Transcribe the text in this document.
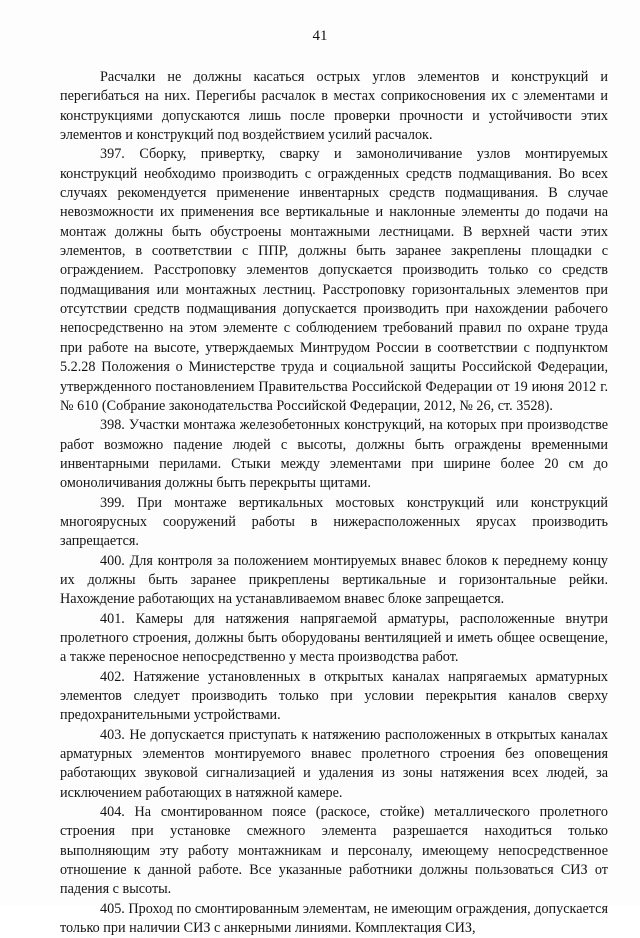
41

Расчалки не должны касаться острых углов элементов и конструкций и перегибаться на них. Перегибы расчалок в местах соприкосновения их с элементами и конструкциями допускаются лишь после проверки прочности и устойчивости этих элементов и конструкций под воздействием усилий расчалок.

397. Сборку, привертку, сварку и замоноличивание узлов монтируемых конструкций необходимо производить с огражденных средств подмащивания. Во всех случаях рекомендуется применение инвентарных средств подмащивания. В случае невозможности их применения все вертикальные и наклонные элементы до подачи на монтаж должны быть обустроены монтажными лестницами. В верхней части этих элементов, в соответствии с ППР, должны быть заранее закреплены площадки с ограждением. Расстроповку элементов допускается производить только со средств подмащивания или монтажных лестниц. Расстроповку горизонтальных элементов при отсутствии средств подмащивания допускается производить при нахождении рабочего непосредственно на этом элементе с соблюдением требований правил по охране труда при работе на высоте, утверждаемых Минтрудом России в соответствии с подпунктом 5.2.28 Положения о Министерстве труда и социальной защиты Российской Федерации, утвержденного постановлением Правительства Российской Федерации от 19 июня 2012 г. № 610 (Собрание законодательства Российской Федерации, 2012, № 26, ст. 3528).

398. Участки монтажа железобетонных конструкций, на которых при производстве работ возможно падение людей с высоты, должны быть ограждены временными инвентарными перилами. Стыки между элементами при ширине более 20 см до омоноличивания должны быть перекрыты щитами.

399. При монтаже вертикальных мостовых конструкций или конструкций многоярусных сооружений работы в нижерасположенных ярусах производить запрещается.

400. Для контроля за положением монтируемых внавес блоков к переднему концу их должны быть заранее прикреплены вертикальные и горизонтальные рейки. Нахождение работающих на устанавливаемом внавес блоке запрещается.

401. Камеры для натяжения напрягаемой арматуры, расположенные внутри пролетного строения, должны быть оборудованы вентиляцией и иметь общее освещение, а также переносное непосредственно у места производства работ.

402. Натяжение установленных в открытых каналах напрягаемых арматурных элементов следует производить только при условии перекрытия каналов сверху предохранительными устройствами.

403. Не допускается приступать к натяжению расположенных в открытых каналах арматурных элементов монтируемого внавес пролетного строения без оповещения работающих звуковой сигнализацией и удаления из зоны натяжения всех людей, за исключением работающих в натяжной камере.

404. На смонтированном поясе (раскосе, стойке) металлического пролетного строения при установке смежного элемента разрешается находиться только выполняющим эту работу монтажникам и персоналу, имеющему непосредственное отношение к данной работе. Все указанные работники должны пользоваться СИЗ от падения с высоты.

405. Проход по смонтированным элементам, не имеющим ограждения, допускается только при наличии СИЗ с анкерными линиями. Комплектация СИЗ,
